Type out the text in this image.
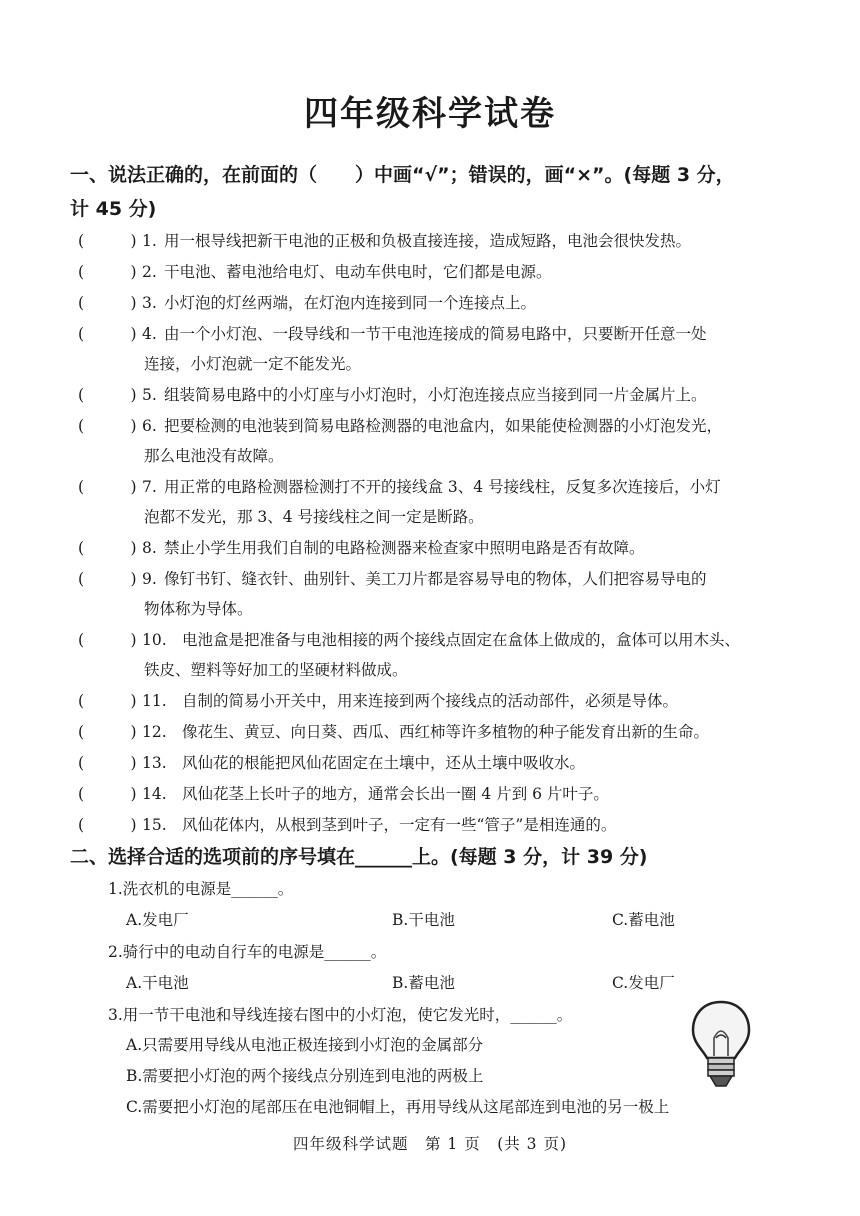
四年级科学试卷
一、说法正确的，在前面的（　　）中画“√”；错误的，画“×”。(每题 3 分，
计 45 分)
(　　　) 1. 用一根导线把新干电池的正极和负极直接连接，造成短路，电池会很快发热。
(　　　) 2. 干电池、蓄电池给电灯、电动车供电时，它们都是电源。
(　　　) 3. 小灯泡的灯丝两端，在灯泡内连接到同一个连接点上。
(　　　) 4. 由一个小灯泡、一段导线和一节干电池连接成的简易电路中，只要断开任意一处
连接，小灯泡就一定不能发光。
(　　　) 5. 组装简易电路中的小灯座与小灯泡时，小灯泡连接点应当接到同一片金属片上。
(　　　) 6. 把要检测的电池装到简易电路检测器的电池盒内，如果能使检测器的小灯泡发光，
那么电池没有故障。
(　　　) 7. 用正常的电路检测器检测打不开的接线盒 3、4 号接线柱，反复多次连接后，小灯
泡都不发光，那 3、4 号接线柱之间一定是断路。
(　　　) 8. 禁止小学生用我们自制的电路检测器来检查家中照明电路是否有故障。
(　　　) 9. 像钉书钉、缝衣针、曲别针、美工刀片都是容易导电的物体，人们把容易导电的
物体称为导体。
(　　　) 10. 电池盒是把准备与电池相接的两个接线点固定在盒体上做成的，盒体可以用木头、
铁皮、塑料等好加工的坚硬材料做成。
(　　　) 11. 自制的简易小开关中，用来连接到两个接线点的活动部件，必须是导体。
(　　　) 12. 像花生、黄豆、向日葵、西瓜、西红柿等许多植物的种子能发育出新的生命。
(　　　) 13. 风仙花的根能把风仙花固定在土壤中，还从土壤中吸收水。
(　　　) 14. 风仙花茎上长叶子的地方，通常会长出一圈 4 片到 6 片叶子。
(　　　) 15. 风仙花体内，从根到茎到叶子，一定有一些“管子”是相连通的。
二、选择合适的选项前的序号填在______上。(每题 3 分，计 39 分)
1.洗衣机的电源是______。
A.发电厂	B.干电池	C.蓄电池
2.骑行中的电动自行车的电源是______。
A.干电池	B.蓄电池	C.发电厂
3.用一节干电池和导线连接右图中的小灯泡，使它发光时，______。
A.只需要用导线从电池正极连接到小灯泡的金属部分
B.需要把小灯泡的两个接线点分别连到电池的两极上
C.需要把小灯泡的尾部压在电池铜帽上，再用导线从这尾部连到电池的另一极上
四年级科学试题　第 1 页　(共 3 页)
